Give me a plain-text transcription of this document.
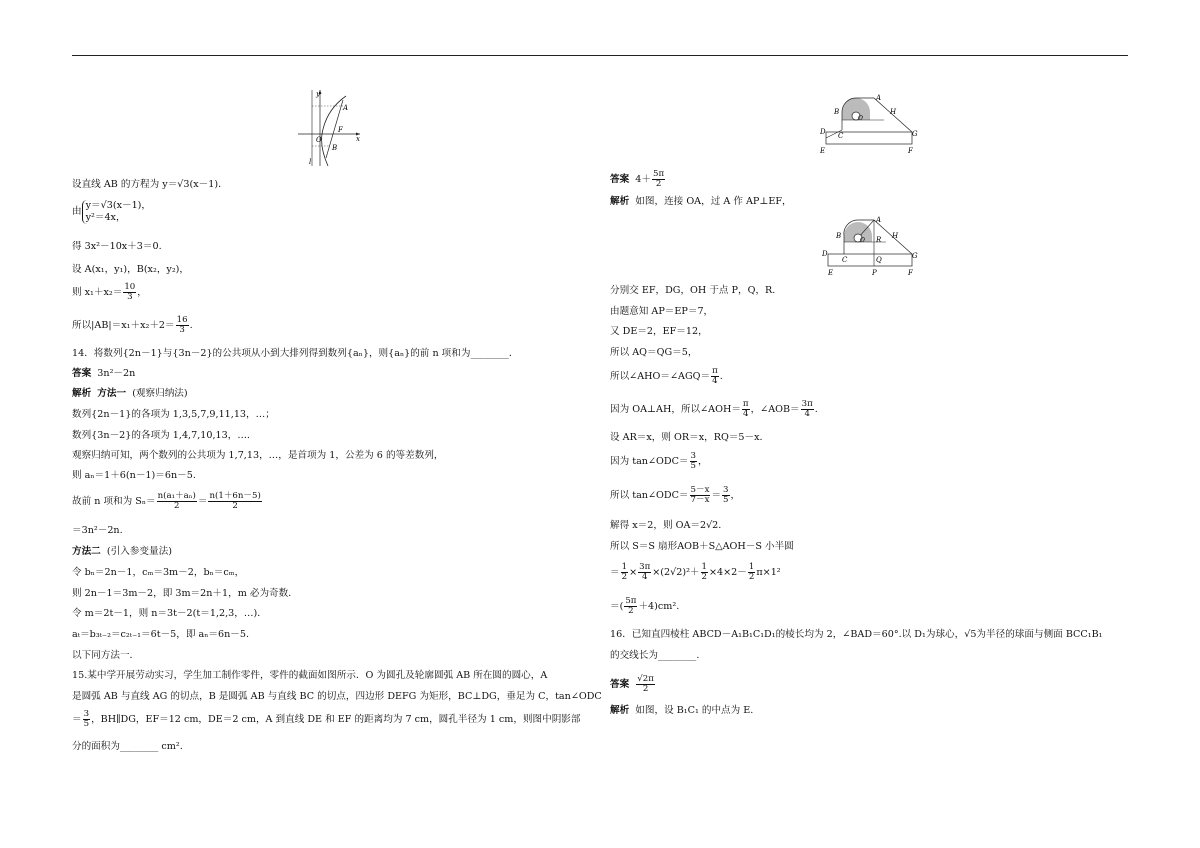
y
x
O
A
F
B
l
设直线 AB 的方程为 y＝√3(x－1)．
由
y＝√3(x－1)，
y²＝4x，
得 3x²－10x＋3＝0.
设 A(x₁，y₁)，B(x₂，y₂)，
则 $x_1+x_2= \frac{10}{3}$ ，
所以$|AB|=x_1+x_2+2= \frac{16}{3}$ .
14．将数列{2n－1}与{3n－2}的公共项从小到大排列得到数列{aₙ}，则{aₙ}的前 n 项和为________．
答案 3n²－2n
解析 方法一 (观察归纳法)
数列{2n－1}的各项为 1,3,5,7,9,11,13，…；
数列{3n－2}的各项为 1,4,7,10,13，….
观察归纳可知，两个数列的公共项为 1,7,13，…，是首项为 1，公差为 6 的等差数列，
则 aₙ＝1＋6(n－1)＝6n－5.
故前 n 项和为 $S_n= \frac{\text{n(a₁＋aₙ)}}{2} = \frac{n(1+6n-5)}{2}$
＝3n²－2n.
方法二 (引入参变量法)
令 bₙ＝2n－1，cₘ＝3m－2，bₙ＝cₘ，
则 2n－1＝3m－2，即 3m＝2n＋1，m 必为奇数．
令 m＝2t－1，则 n＝3t－2(t＝1,2,3，…)．
aₜ＝b₃ₜ₋₂＝c₂ₜ₋₁＝6t－5，即 aₙ＝6n－5.
以下同方法一．
15.某中学开展劳动实习，学生加工制作零件，零件的截面如图所示．O 为圆孔及轮廓圆弧 AB 所在圆的圆心，A
是圆弧 AB 与直线 AG 的切点，B 是圆弧 AB 与直线 BC 的切点，四边形 DEFG 为矩形，BC⊥DG，垂足为 C，tan∠ODC
＝ $\frac{3}{5}$ ，BH∥DG，EF＝12 cm，DE＝2 cm，A 到直线 DE 和 EF 的距离均为 7 cm，圆孔半径为 1 cm，则图中阴影部
分的面积为________ cm².
A
H
B
O
D C	G
E	F
答案 $4+ \frac{5\pi}{2}$
解析 如图，连接 OA，过 A 作 AP⊥EF，
A
B
O R H
D
C	Q	G
E	P	F
分别交 EF，DG，OH 于点 P，Q，R.
由题意知 AP＝EP＝7，
又 DE＝2，EF＝12，
所以 AQ＝QG＝5，
所以∠AHO＝∠AGQ＝ $\frac{\pi}{4}$ .
因为 OA⊥AH，所以∠AOH＝ $\frac{\pi}{4}$ ，∠AOB＝ $\frac{3\pi}{4}$ .
设 AR＝x，则 OR＝x，RQ＝5－x.
因为 tan∠ODC＝ $\frac{3}{5}$ ，
所以 tan∠ODC＝ $\frac{5-x}{7-x} = \frac{3}{5}$ ，
解得 x＝2，则 OA＝2√2.
所以 S＝S 扇形AOB＋S△AOH－S 小半圆
＝ $\frac{1}{2} \times \frac{3\pi}{4} \times(2√2)^2+ \frac{1}{2} \times 4\times 2- \frac{1}{2} \pi\times 1^2$
＝( $\frac{5\pi}{2} +4)cm^2$.
16．已知直四棱柱 ABCD－A₁B₁C₁D₁的棱长均为 2，∠BAD＝60°.以 D₁为球心，√5为半径的球面与侧面 BCC₁B₁
的交线长为________.
答案 $\frac{√2\pi}{2}$
解析 如图，设 B₁C₁ 的中点为 E.
